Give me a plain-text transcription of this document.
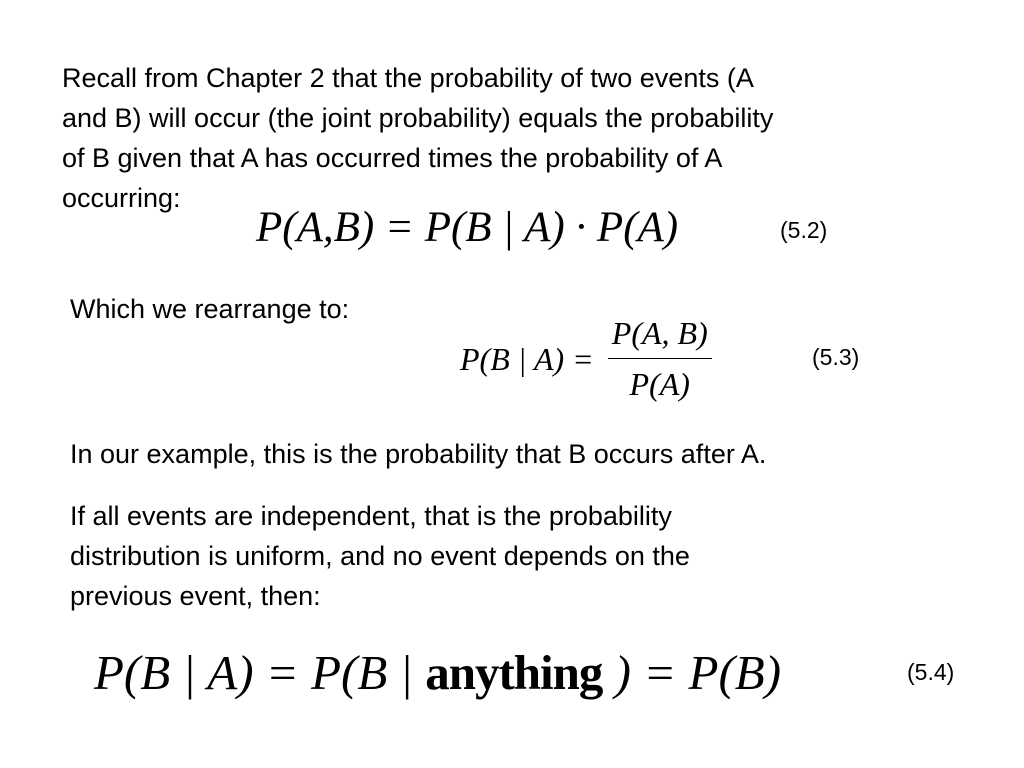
Recall from Chapter 2 that the probability of two events (A
and B) will occur (the joint probability) equals the probability
of B given that A has occurred times the probability of A
occurring:
P(A,B) = P(B | A) · P(A)	(5.2)
Which we rearrange to:
P(B | $A) = \frac{P(A, B)}{P(A)}$	(5.3)
In our example, this is the probability that B occurs after A.
If all events are independent, that is the probability
distribution is uniform, and no event depends on the
previous event, then:
P(B | A) = P(B | anything ) = P(B)	(5.4)
